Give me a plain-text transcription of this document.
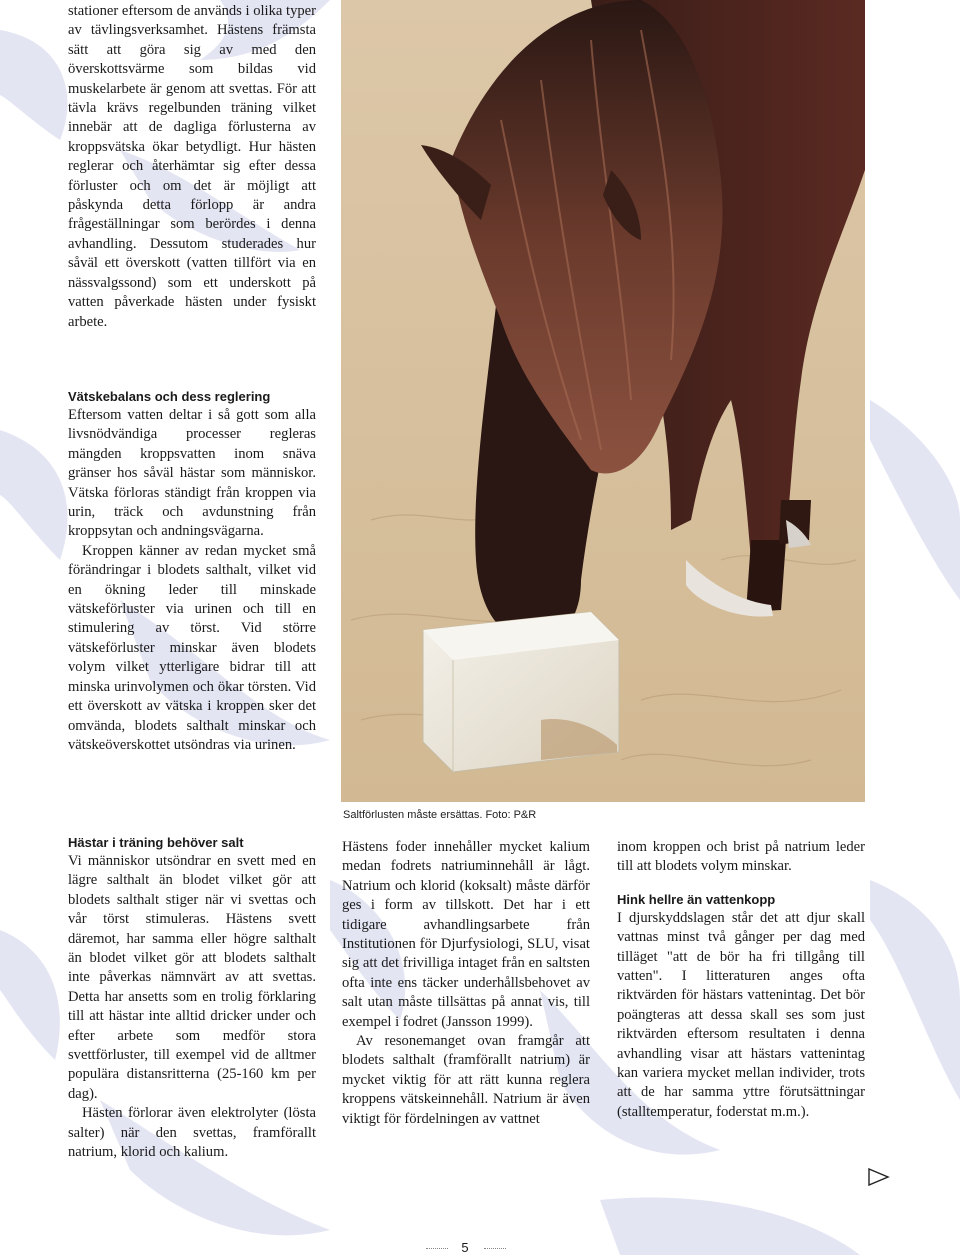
stationer eftersom de används i olika typer av tävlingsverksamhet. Hästens främsta sätt att göra sig av med den överskottsvärme som bildas vid muskelarbete är genom att svettas. För att tävla krävs regelbunden träning vilket innebär att de dagliga förlusterna av kroppsvätska ökar betydligt. Hur hästen reglerar och återhämtar sig efter dessa förluster och om det är möjligt att påskynda detta förlopp är andra frågeställningar som berördes i denna avhandling. Dessutom studerades hur såväl ett överskott (vatten tillfört via en nässvalgssond) som ett underskott på vatten påverkade hästen under fysiskt arbete.

Vätskebalans och dess reglering

Eftersom vatten deltar i så gott som alla livsnödvändiga processer regleras mängden kroppsvatten inom snäva gränser hos såväl hästar som människor. Vätska förloras ständigt från kroppen via urin, träck och avdunstning från kroppsytan och andningsvägarna.

Kroppen känner av redan mycket små förändringar i blodets salthalt, vilket vid en ökning leder till minskade vätskeförluster via urinen och till en stimulering av törst. Vid större vätskeförluster minskar även blodets volym vilket ytterligare bidrar till att minska urinvolymen och ökar törsten. Vid ett överskott av vätska i kroppen sker det omvända, blodets salthalt minskar och vätskeöverskottet utsöndras via urinen.

Hästar i träning behöver salt

Vi människor utsöndrar en svett med en lägre salthalt än blodet vilket gör att blodets salthalt stiger när vi svettas och vår törst stimuleras. Hästens svett däremot, har samma eller högre salthalt än blodet vilket gör att blodets salthalt inte påverkas nämnvärt av att svettas. Detta har ansetts som en trolig förklaring till att hästar inte alltid dricker under och efter arbete som medför stora svettförluster, till exempel vid de alltmer populära distansritterna (25-160 km per dag).

Hästen förlorar även elektrolyter (lösta salter) när den svettas, framförallt natrium, klorid och kalium.

Saltförlusten måste ersättas. Foto: P&R

Hästens foder innehåller mycket kalium medan fodrets natriuminnehåll är lågt. Natrium och klorid (koksalt) måste därför ges i form av tillskott. Det har i ett tidigare avhandlingsarbete från Institutionen för Djurfysiologi, SLU, visat sig att det frivilliga intaget från en saltsten ofta inte ens täcker underhållsbehovet av salt utan måste tillsättas på annat vis, till exempel i fodret (Jansson 1999).

Av resonemanget ovan framgår att blodets salthalt (framförallt natrium) är mycket viktig för att rätt kunna reglera kroppens vätskeinnehåll. Natrium är även viktigt för fördelningen av vattnet

inom kroppen och brist på natrium leder till att blodets volym minskar.

Hink hellre än vattenkopp

I djurskyddslagen står det att djur skall vattnas minst två gånger per dag med tilläget "att de bör ha fri tillgång till vatten". I litteraturen anges ofta riktvärden för hästars vattenintag. Det bör poängteras att dessa skall ses som just riktvärden eftersom resultaten i denna avhandling visar att hästars vattenintag kan variera mycket mellan individer, trots att de har samma yttre förutsättningar (stalltemperatur, foderstat m.m.).

5
